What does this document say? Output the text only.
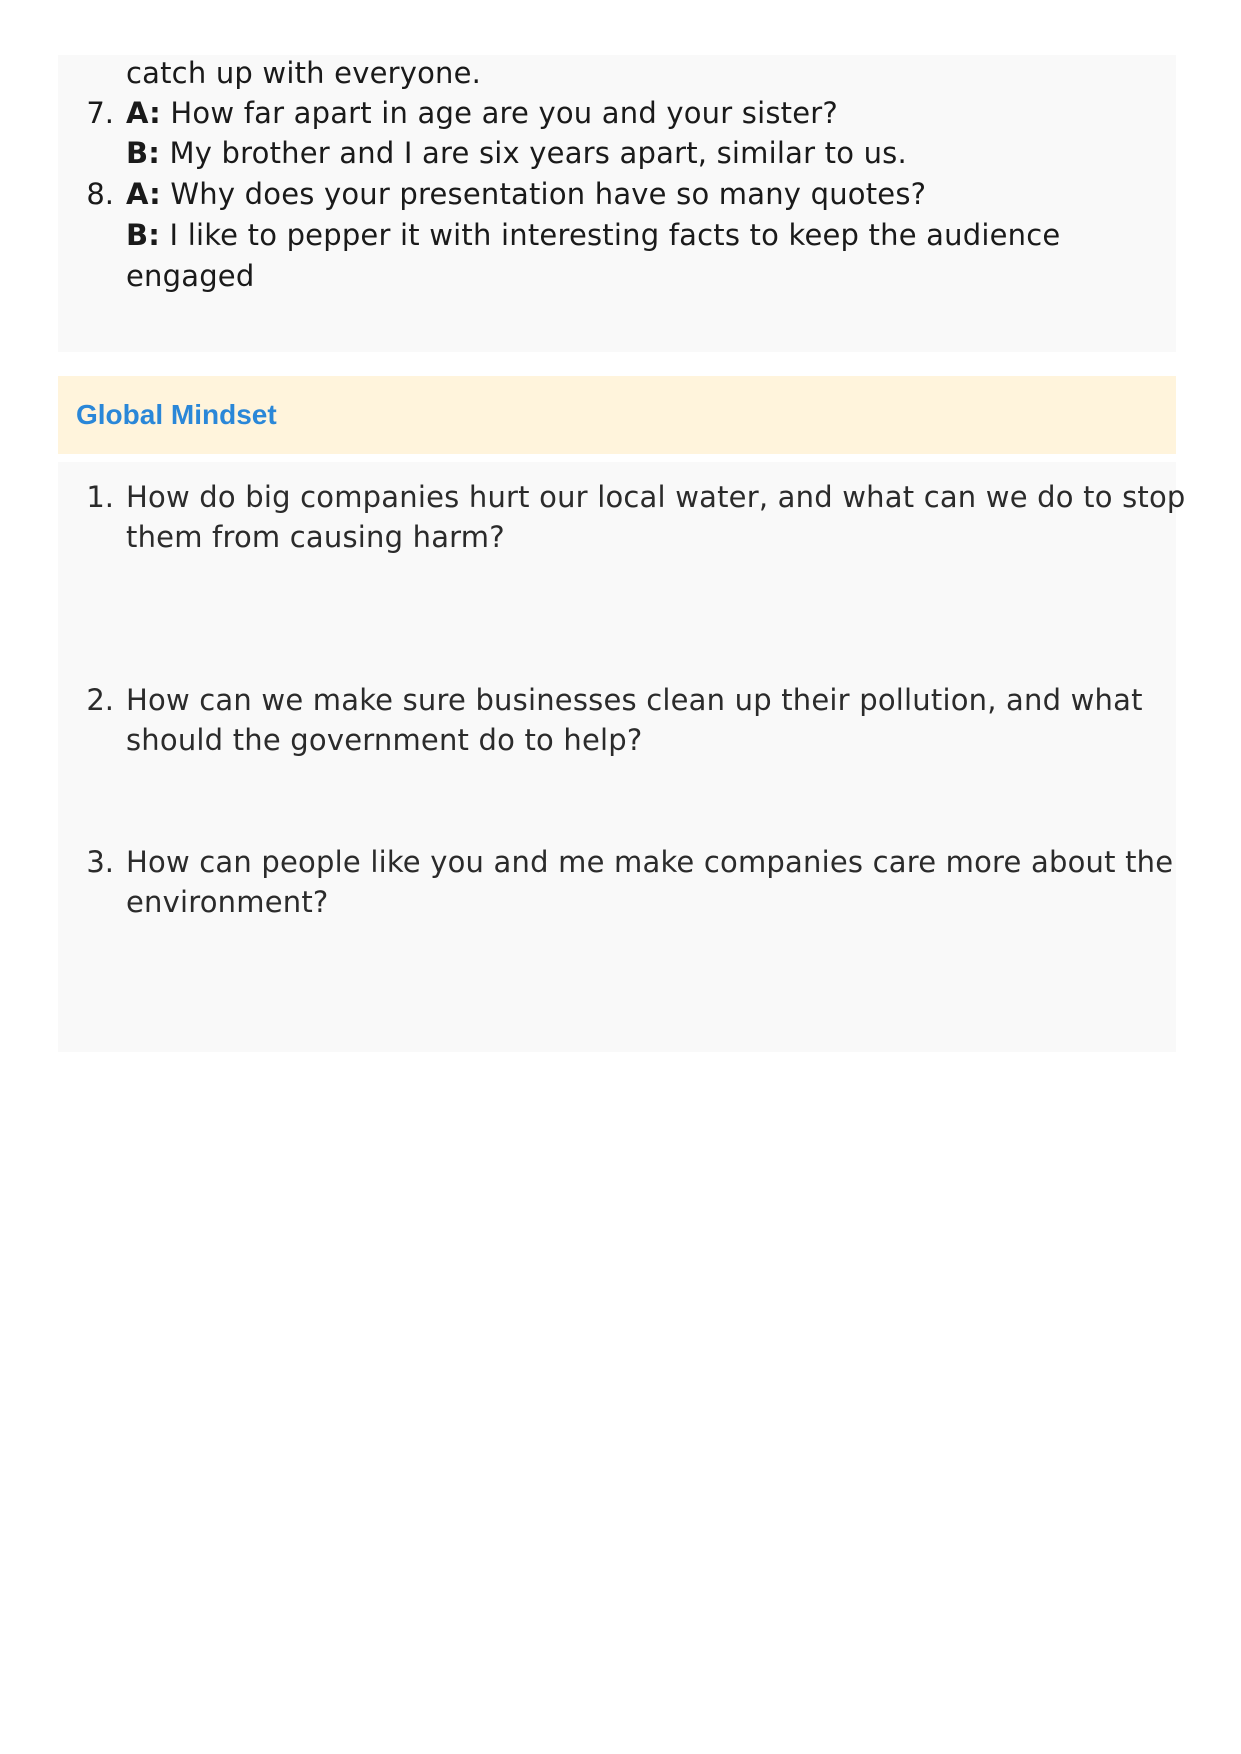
catch up with everyone.
7. A: How far apart in age are you and your sister?
B: My brother and I are six years apart, similar to us.
8. A: Why does your presentation have so many quotes?
B: I like to pepper it with interesting facts to keep the audience
engaged
Global Mindset
1. How do big companies hurt our local water, and what can we do to stop
them from causing harm?
2. How can we make sure businesses clean up their pollution, and what
should the government do to help?
3. How can people like you and me make companies care more about the
environment?
